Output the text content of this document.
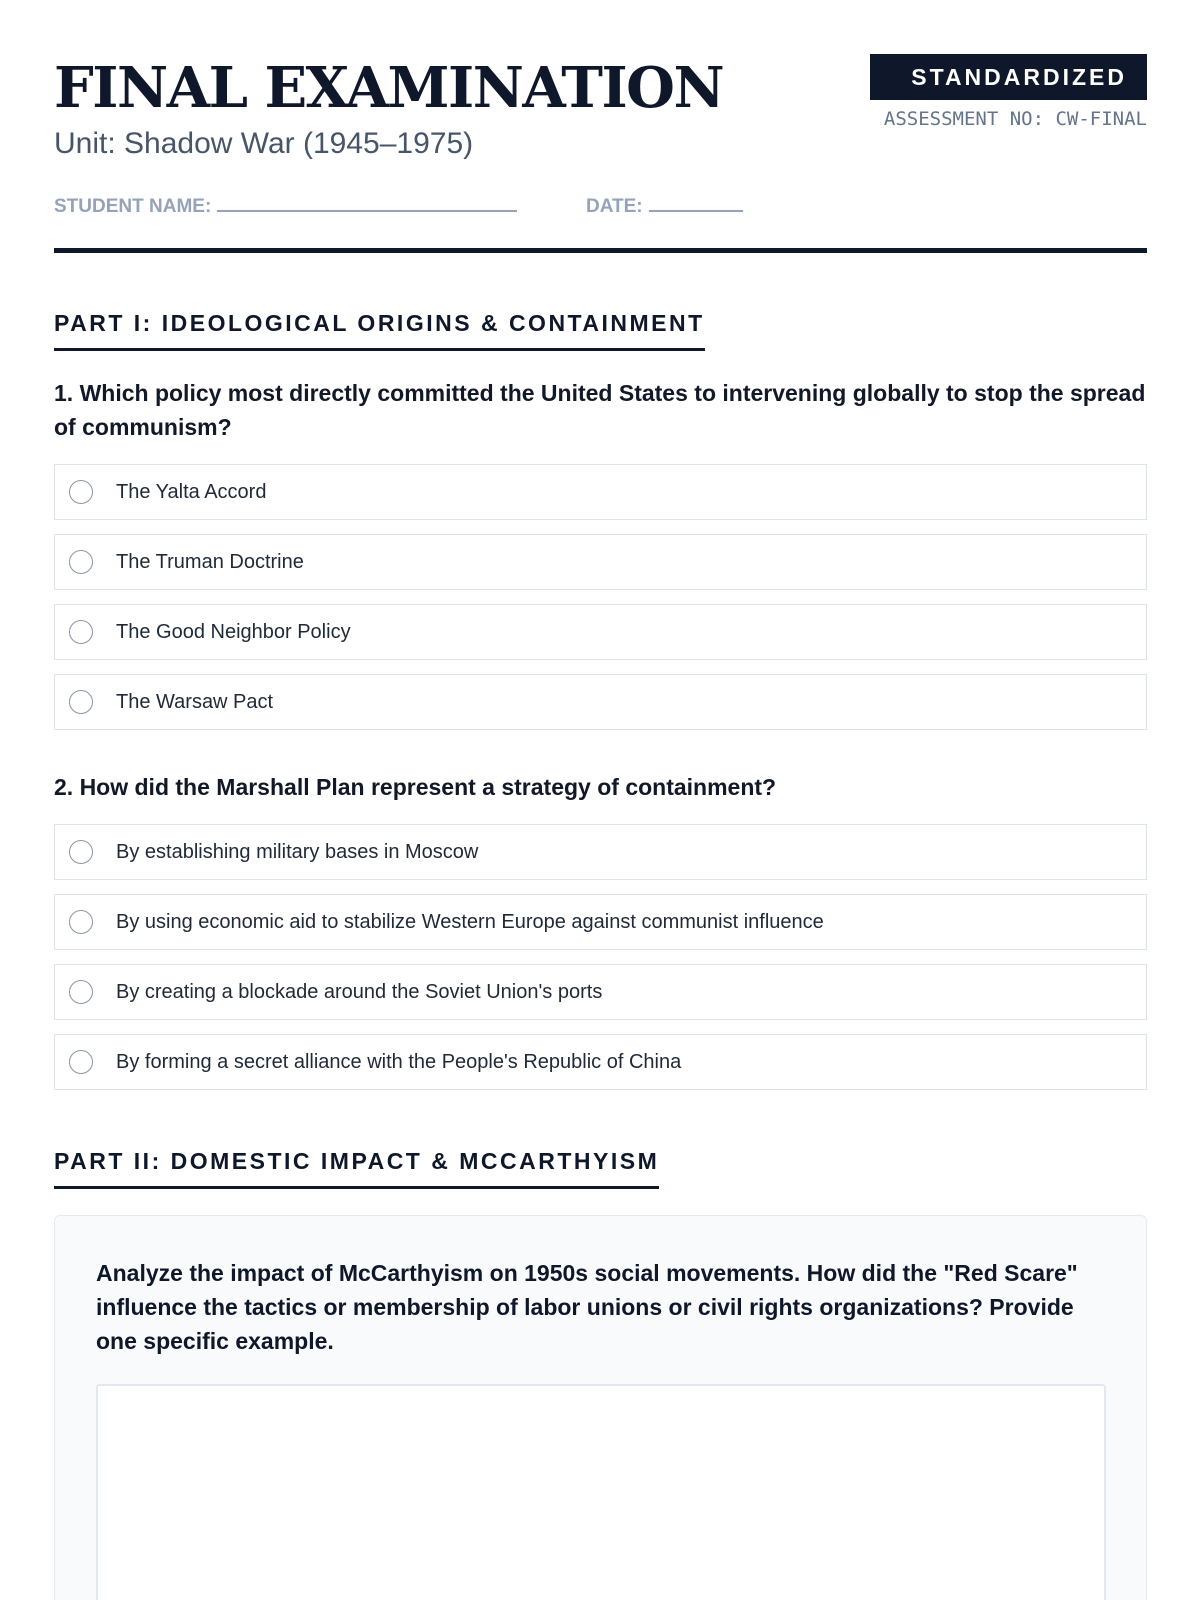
FINAL EXAMINATION
Unit: Shadow War (1945–1975)
STANDARDIZED
ASSESSMENT NO: CW-FINAL
STUDENT NAME:	DATE:
PART I: IDEOLOGICAL ORIGINS & CONTAINMENT

1. Which policy most directly committed the United States to intervening globally to stop the spread of communism?

The Yalta Accord
The Truman Doctrine
The Good Neighbor Policy
The Warsaw Pact

2. How did the Marshall Plan represent a strategy of containment?

By establishing military bases in Moscow
By using economic aid to stabilize Western Europe against communist influence
By creating a blockade around the Soviet Union's ports
By forming a secret alliance with the People's Republic of China
PART II: DOMESTIC IMPACT & MCCARTHYISM

Analyze the impact of McCarthyism on 1950s social movements. How did the "Red Scare" influence the tactics or membership of labor unions or civil rights organizations? Provide one specific example.
